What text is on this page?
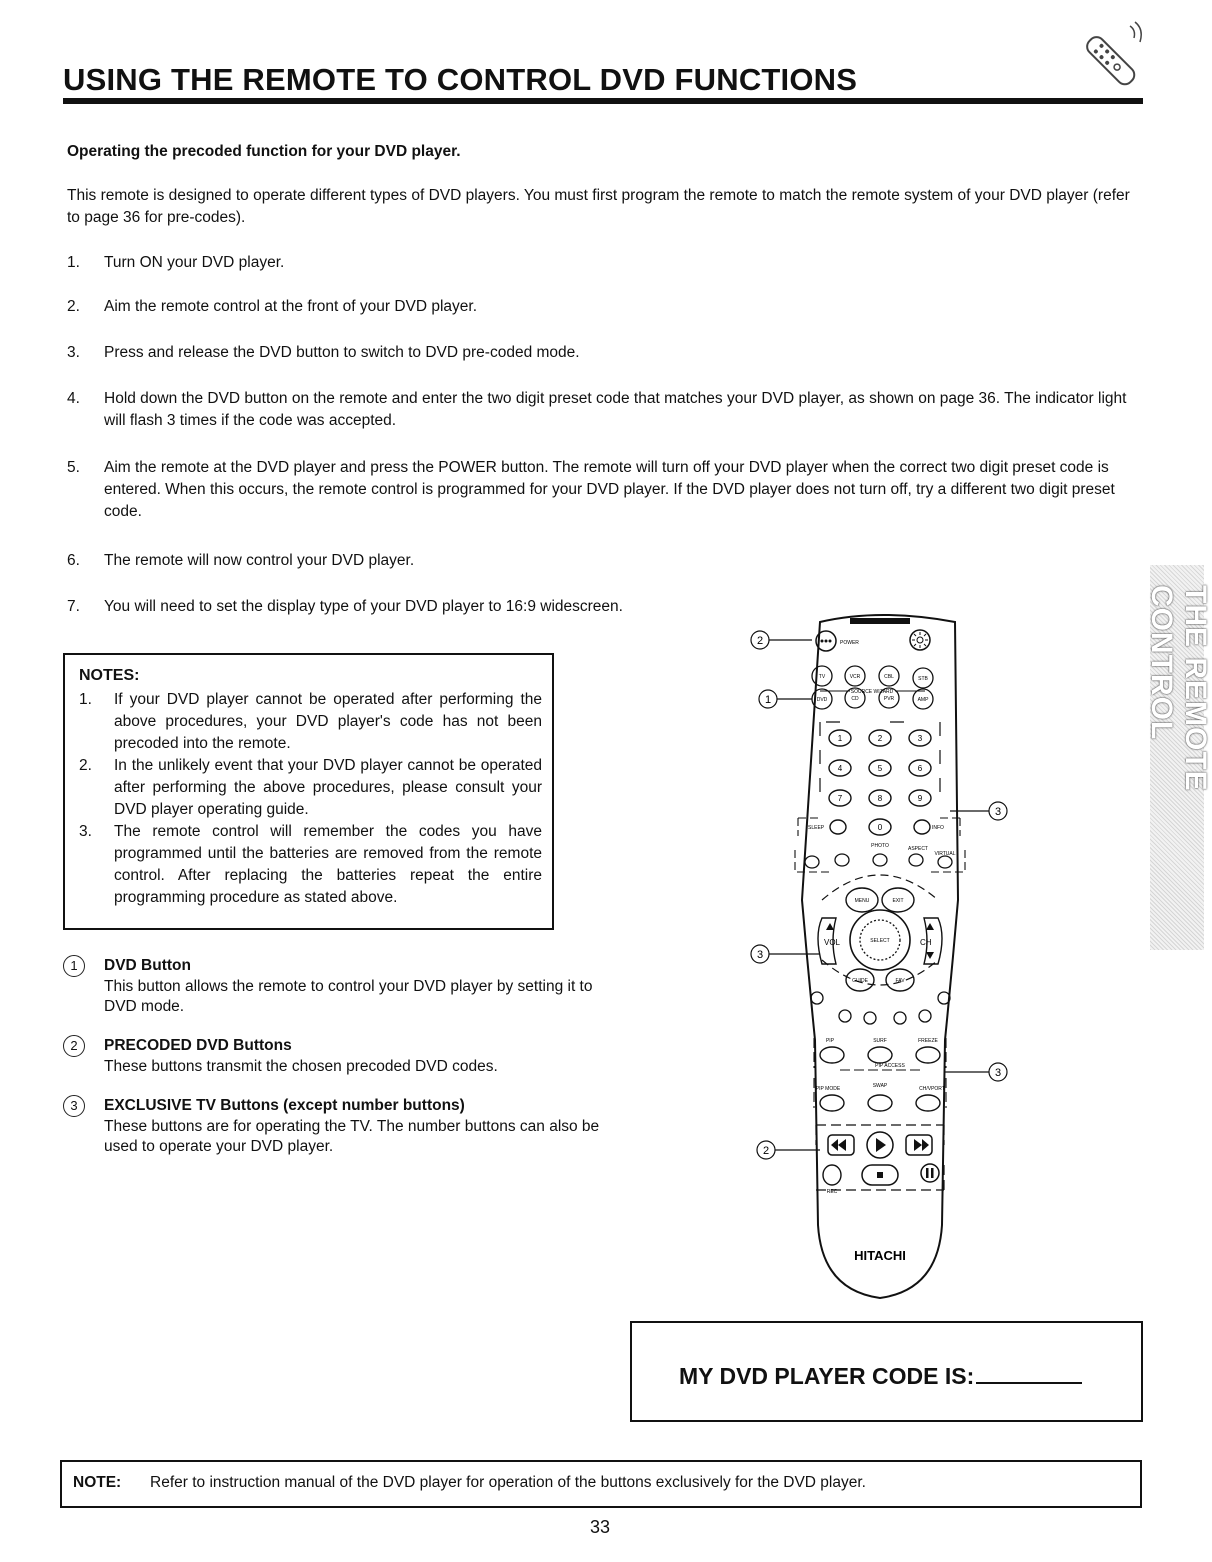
USING THE REMOTE TO CONTROL DVD FUNCTIONS
Operating the precoded function for your DVD player.
This remote is designed to operate different types of DVD players. You must first program the remote to match the remote system of your DVD player (refer to page 36 for pre-codes).
1. Turn ON your DVD player.
2. Aim the remote control at the front of your DVD player.
3. Press and release the DVD button to switch to DVD pre-coded mode.
4. Hold down the DVD button on the remote and enter the two digit preset code that matches your DVD player, as shown on page 36. The indicator light will flash 3 times if the code was accepted.
5. Aim the remote at the DVD player and press the POWER button. The remote will turn off your DVD player when the correct two digit preset code is entered. When this occurs, the remote control is programmed for your DVD player. If the DVD player does not turn off, try a different two digit preset code.
6. The remote will now control your DVD player.
7. You will need to set the display type of your DVD player to 16:9 widescreen.
NOTES:
1. If your DVD player cannot be operated after performing the above procedures, your DVD player's code has not been precoded into the remote.
2. In the unlikely event that your DVD player cannot be operated after performing the above procedures, please consult your DVD player operating guide.
3. The remote control will remember the codes you have programmed until the batteries are removed from the remote control. After replacing the batteries repeat the entire programming procedure as stated above.
1	DVD Button
This button allows the remote to control your DVD player by setting it to DVD mode.
2	PRECODED DVD Buttons
These buttons transmit the chosen precoded DVD codes.
3	EXCLUSIVE TV Buttons (except number buttons)
These buttons are for operating the TV. The number buttons can also be used to operate your DVD player.
2
1
3
3
3
2
POWER
TV	VCR	CBL	STB
SOURCE WIZARD
DVD	CD	PVR	AMP
1	2	3
4	5	6
7	8	9
0
SLEEP	INFO
PHOTO	ASPECT
VIRTUAL
MENU	EXIT
VOL	CH
SELECT
GUIDE	FAV
PIP	SURF	FREEZE
PIP ACCESS
PIP MODE	SWAP	CH/VPORT
REC
HITACHI
THE REMOTE CONTROL
MY DVD PLAYER CODE IS:
NOTE: Refer to instruction manual of the DVD player for operation of the buttons exclusively for the DVD player.
33
